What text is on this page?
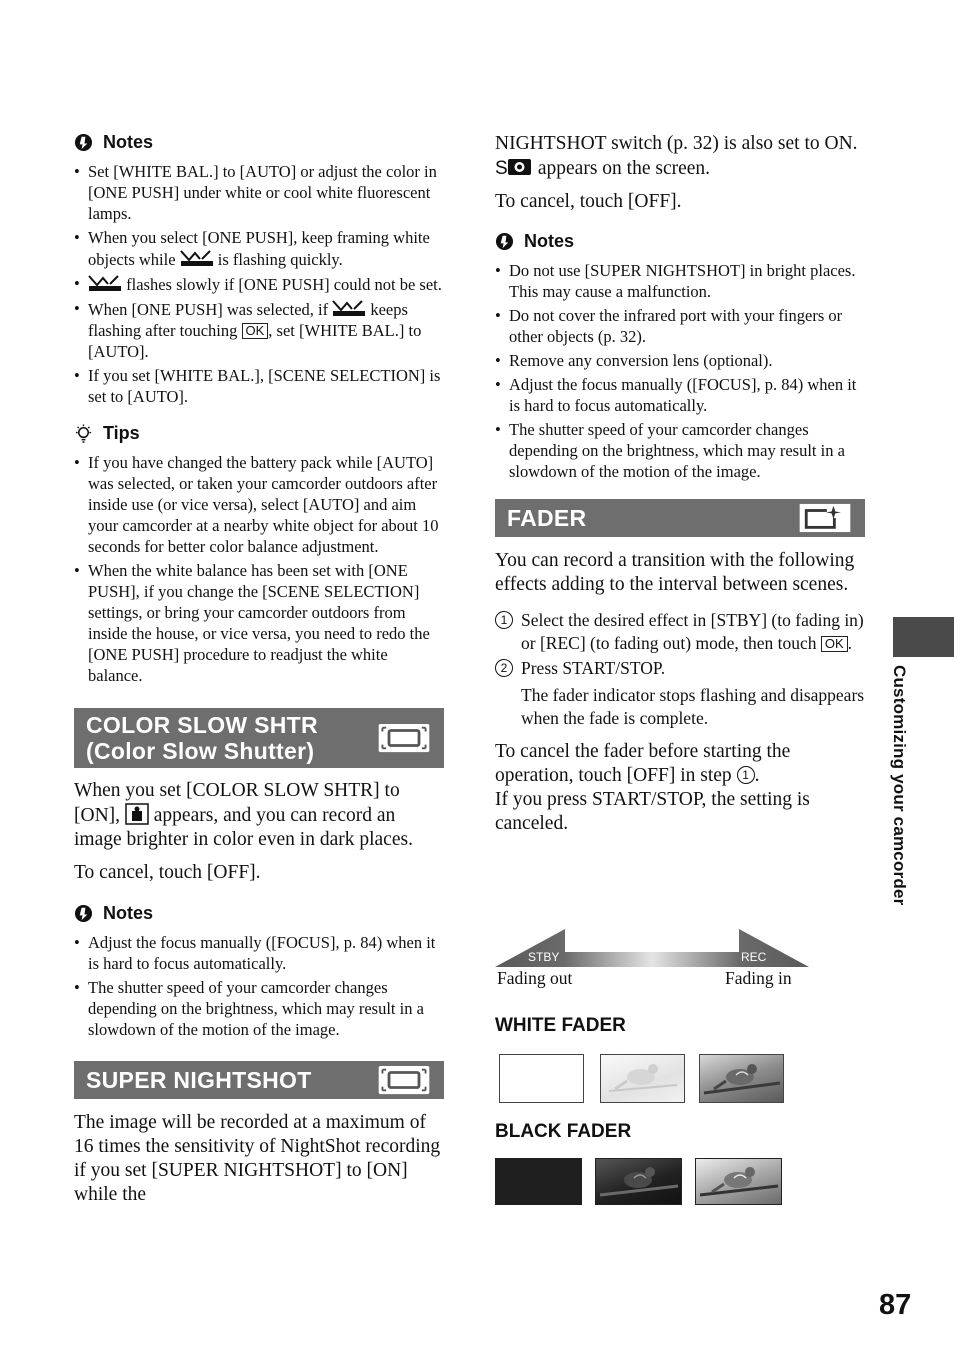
Notes
• Set [WHITE BAL.] to [AUTO] or adjust the color in [ONE PUSH] under white or cool white fluorescent lamps.
• When you select [ONE PUSH], keep framing white objects while  is flashing quickly.
• flashes slowly if [ONE PUSH] could not be set.
• When [ONE PUSH] was selected, if  keeps flashing after touching OK , set [WHITE BAL.] to [AUTO].
• If you set [WHITE BAL.], [SCENE SELECTION] is set to [AUTO].
Tips
• If you have changed the battery pack while [AUTO] was selected, or taken your camcorder outdoors after inside use (or vice versa), select [AUTO] and aim your camcorder at a nearby white object for about 10 seconds for better color balance adjustment.
• When the white balance has been set with [ONE PUSH], if you change the [SCENE SELECTION] settings, or bring your camcorder outdoors from inside the house, or vice versa, you need to redo the [ONE PUSH] procedure to readjust the white balance.
COLOR SLOW SHTR
(Color Slow Shutter)

When you set [COLOR SLOW SHTR] to [ON],  appears, and you can record an image brighter in color even in dark places.

To cancel, touch [OFF].

Notes
• Adjust the focus manually ([FOCUS], p. 84) when it is hard to focus automatically.
• The shutter speed of your camcorder changes depending on the brightness, which may result in a slowdown of the motion of the image.
SUPER NIGHTSHOT

The image will be recorded at a maximum of 16 times the sensitivity of NightShot recording if you set [SUPER NIGHTSHOT] to [ON] while the

NIGHTSHOT switch (p. 32) is also set to ON.

S appears on the screen.

To cancel, touch [OFF].

Notes
• Do not use [SUPER NIGHTSHOT] in bright places. This may cause a malfunction.
• Do not cover the infrared port with your fingers or other objects (p. 32).
• Remove any conversion lens (optional).
• Adjust the focus manually ([FOCUS], p. 84) when it is hard to focus automatically.
• The shutter speed of your camcorder changes depending on the brightness, which may result in a slowdown of the motion of the image.
FADER

You can record a transition with the following effects adding to the interval between scenes.

1 Select the desired effect in [STBY] (to fading in) or [REC] (to fading out) mode, then touch OK .
2 Press START/STOP.
The fader indicator stops flashing and disappears when the fade is complete.

To cancel the fader before starting the operation, touch [OFF] in step 1 .

If you press START/STOP, the setting is canceled.

STBY	REC
Fading out	Fading in
WHITE FADER
BLACK FADER
Customizing your camcorder
87
